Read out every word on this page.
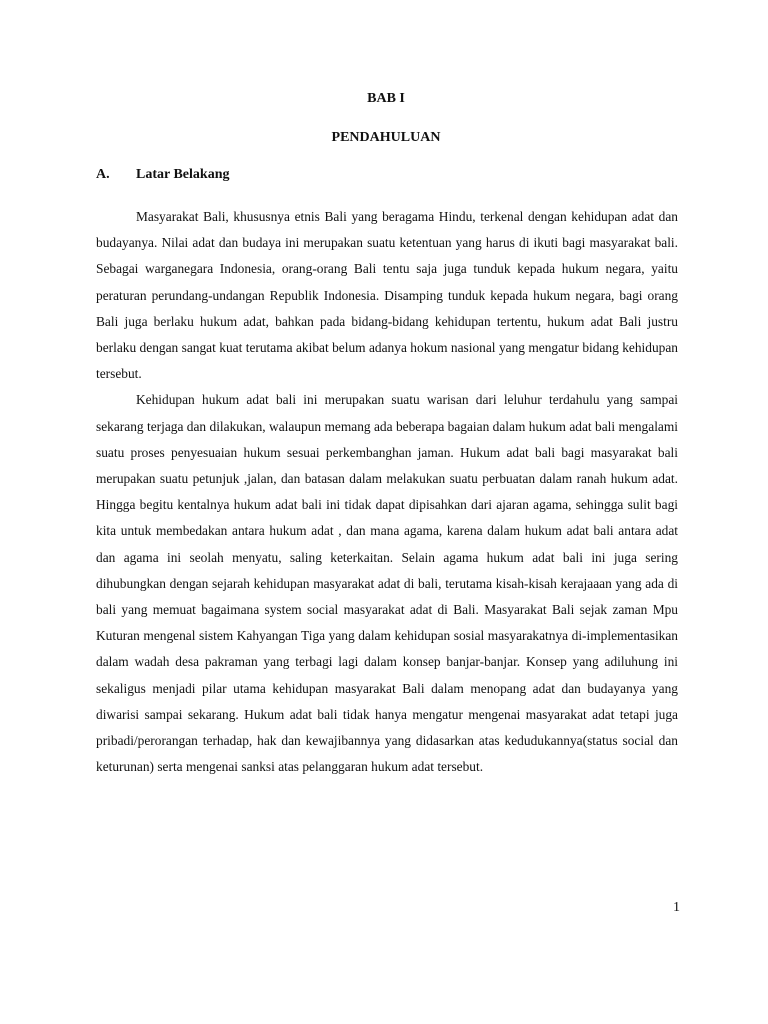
BAB I
PENDAHULUAN
A. Latar Belakang

Masyarakat Bali, khususnya etnis Bali yang beragama Hindu, terkenal dengan kehidupan adat dan budayanya. Nilai adat dan budaya ini merupakan suatu ketentuan yang harus di ikuti bagi masyarakat bali. Sebagai warganegara Indonesia, orang-orang Bali tentu saja juga tunduk kepada hukum negara, yaitu peraturan perundang-undangan Republik Indonesia. Disamping tunduk kepada hukum negara, bagi orang Bali juga berlaku hukum adat, bahkan pada bidang-bidang kehidupan tertentu, hukum adat Bali justru berlaku dengan sangat kuat terutama akibat belum adanya hokum nasional yang mengatur bidang kehidupan tersebut.

Kehidupan hukum adat bali ini merupakan suatu warisan dari leluhur terdahulu yang sampai sekarang terjaga dan dilakukan, walaupun memang ada beberapa bagaian dalam hukum adat bali mengalami suatu proses penyesuaian hukum sesuai perkembanghan jaman. Hukum adat bali bagi masyarakat bali merupakan suatu petunjuk ,jalan, dan batasan dalam melakukan suatu perbuatan dalam ranah hukum adat. Hingga begitu kentalnya hukum adat bali ini tidak dapat dipisahkan dari ajaran agama, sehingga sulit bagi kita untuk membedakan antara hukum adat , dan mana agama, karena dalam hukum adat bali antara adat dan agama ini seolah menyatu, saling keterkaitan. Selain agama hukum adat bali ini juga sering dihubungkan dengan sejarah kehidupan masyarakat adat di bali, terutama kisah-kisah kerajaaan yang ada di bali yang memuat bagaimana system social masyarakat adat di Bali. Masyarakat Bali sejak zaman Mpu Kuturan mengenal sistem Kahyangan Tiga yang dalam kehidupan sosial masyarakatnya di-implementasikan dalam wadah desa pakraman yang terbagi lagi dalam konsep banjar-banjar. Konsep yang adiluhung ini sekaligus menjadi pilar utama kehidupan masyarakat Bali dalam menopang adat dan budayanya yang diwarisi sampai sekarang. Hukum adat bali tidak hanya mengatur mengenai masyarakat adat tetapi juga pribadi/perorangan terhadap, hak dan kewajibannya yang didasarkan atas kedudukannya(status social dan keturunan) serta mengenai sanksi atas pelanggaran hukum adat tersebut.

1
